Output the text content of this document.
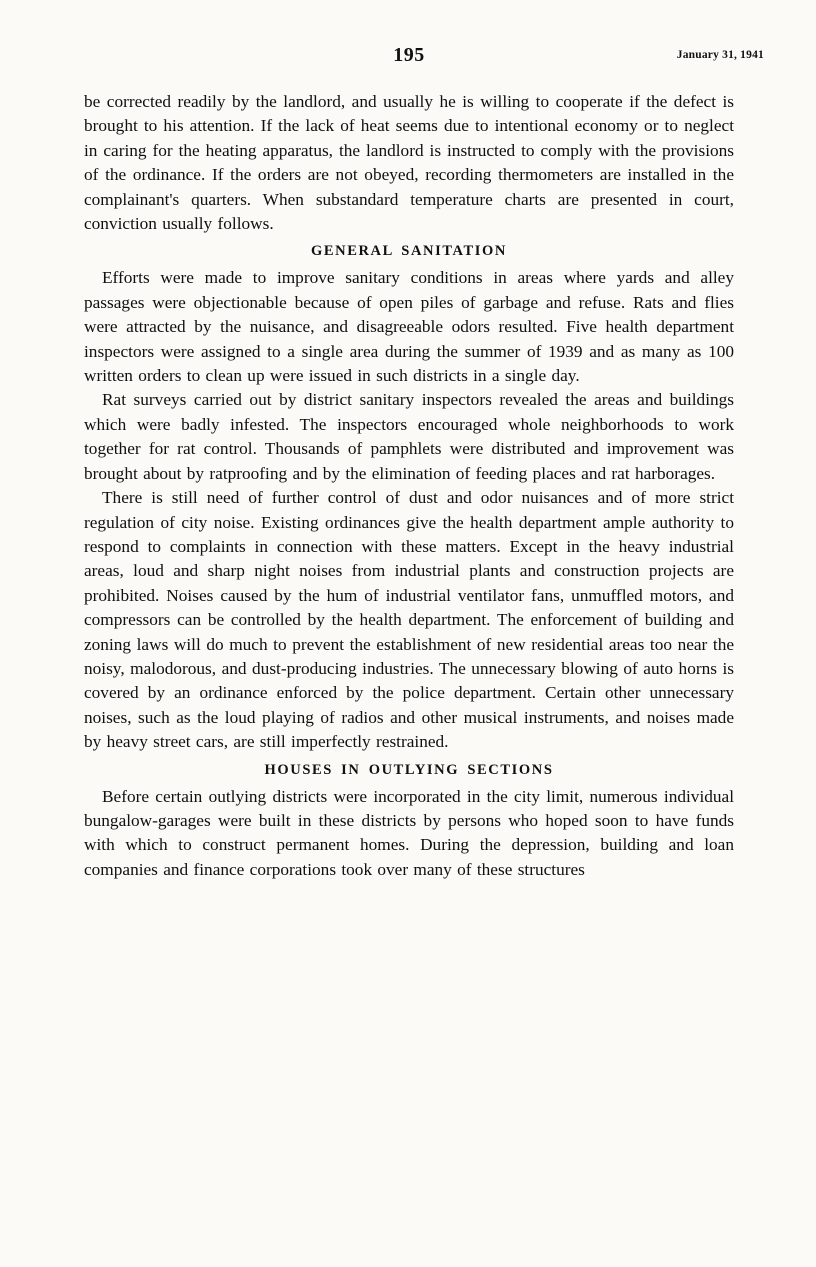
195	January 31, 1941

be corrected readily by the landlord, and usually he is willing to cooperate if the defect is brought to his attention. If the lack of heat seems due to intentional economy or to neglect in caring for the heating apparatus, the landlord is instructed to comply with the provisions of the ordinance. If the orders are not obeyed, recording thermometers are installed in the complainant's quarters. When substandard temperature charts are presented in court, conviction usually follows.

GENERAL SANITATION

Efforts were made to improve sanitary conditions in areas where yards and alley passages were objectionable because of open piles of garbage and refuse. Rats and flies were attracted by the nuisance, and disagreeable odors resulted. Five health department inspectors were assigned to a single area during the summer of 1939 and as many as 100 written orders to clean up were issued in such districts in a single day.

Rat surveys carried out by district sanitary inspectors revealed the areas and buildings which were badly infested. The inspectors encouraged whole neighborhoods to work together for rat control. Thousands of pamphlets were distributed and improvement was brought about by ratproofing and by the elimination of feeding places and rat harborages.

There is still need of further control of dust and odor nuisances and of more strict regulation of city noise. Existing ordinances give the health department ample authority to respond to complaints in connection with these matters. Except in the heavy industrial areas, loud and sharp night noises from industrial plants and construction projects are prohibited. Noises caused by the hum of industrial ventilator fans, unmuffled motors, and compressors can be controlled by the health department. The enforcement of building and zoning laws will do much to prevent the establishment of new residential areas too near the noisy, malodorous, and dust-producing industries. The unnecessary blowing of auto horns is covered by an ordinance enforced by the police department. Certain other unnecessary noises, such as the loud playing of radios and other musical instruments, and noises made by heavy street cars, are still imperfectly restrained.

HOUSES IN OUTLYING SECTIONS

Before certain outlying districts were incorporated in the city limit, numerous individual bungalow-garages were built in these districts by persons who hoped soon to have funds with which to construct permanent homes. During the depression, building and loan companies and finance corporations took over many of these structures
